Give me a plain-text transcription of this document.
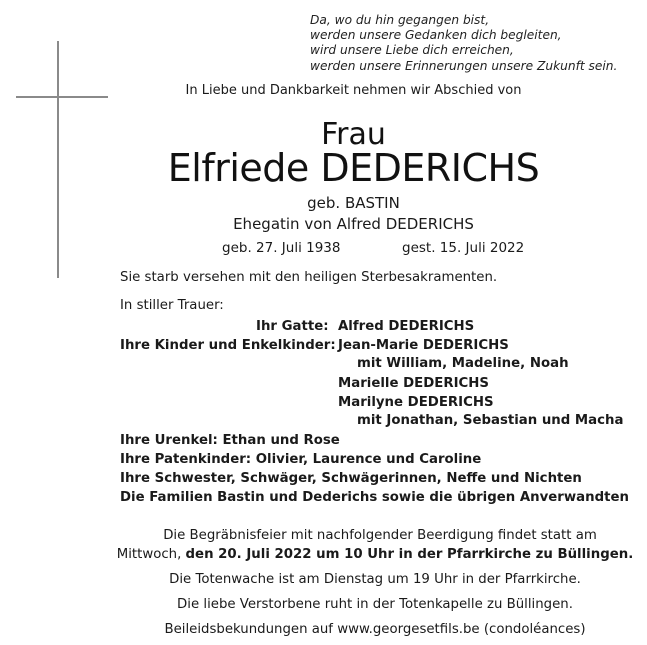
Da, wo du hin gegangen bist,
werden unsere Gedanken dich begleiten,
wird unsere Liebe dich erreichen,
werden unsere Erinnerungen unsere Zukunft sein.
In Liebe und Dankbarkeit nehmen wir Abschied von
Frau
Elfriede DEDERICHS
geb. BASTIN
Ehegatin von Alfred DEDERICHS
geb. 27. Juli 1938	gest. 15. Juli 2022
Sie starb versehen mit den heiligen Sterbesakramenten.
In stiller Trauer:
Ihr Gatte: Alfred DEDERICHS
Ihre Kinder und Enkelkinder: Jean-Marie DEDERICHS
mit William, Madeline, Noah
Marielle DEDERICHS
Marilyne DEDERICHS
mit Jonathan, Sebastian und Macha
Ihre Urenkel: Ethan und Rose
Ihre Patenkinder: Olivier, Laurence und Caroline
Ihre Schwester, Schwäger, Schwägerinnen, Neffe und Nichten
Die Familien Bastin und Dederichs sowie die übrigen Anverwandten
Die Begräbnisfeier mit nachfolgender Beerdigung findet statt am
Mittwoch, den 20. Juli 2022 um 10 Uhr in der Pfarrkirche zu Büllingen.
Die Totenwache ist am Dienstag um 19 Uhr in der Pfarrkirche.
Die liebe Verstorbene ruht in der Totenkapelle zu Büllingen.
Beileidsbekundungen auf www.georgesetfils.be (condoléances)
